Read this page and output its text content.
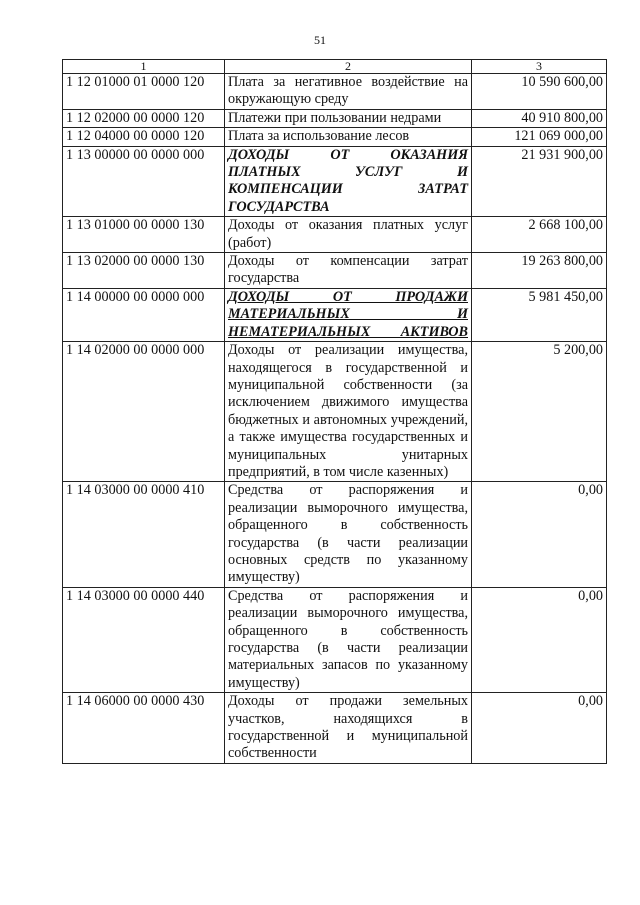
51
1	2	3
1 12 01000 01 0000 120	Плата за негативное воздействие на окружающую среду	10 590 600,00
1 12 02000 00 0000 120	Платежи при пользовании недрами	40 910 800,00
1 12 04000 00 0000 120	Плата за использование лесов	121 069 000,00
1 13 00000 00 0000 000	ДОХОДЫ ОТ ОКАЗАНИЯ ПЛАТНЫХ УСЛУГ И КОМПЕНСАЦИИ ЗАТРАТ ГОСУДАРСТВА	21 931 900,00
1 13 01000 00 0000 130	Доходы от оказания платных услуг (работ)	2 668 100,00
1 13 02000 00 0000 130	Доходы от компенсации затрат государства	19 263 800,00
1 14 00000 00 0000 000	ДОХОДЫ ОТ ПРОДАЖИ МАТЕРИАЛЬНЫХ И НЕМАТЕРИАЛЬНЫХ АКТИВОВ	5 981 450,00
1 14 02000 00 0000 000	Доходы от реализации имущества, находящегося в государственной и муниципальной собственности (за исключением движимого имущества бюджетных и автономных учреждений, а также имущества государственных и муниципальных унитарных предприятий, в том числе казенных)	5 200,00
1 14 03000 00 0000 410	Средства от распоряжения и реализации выморочного имущества, обращенного в собственность государства (в части реализации основных средств по указанному имуществу)	0,00
1 14 03000 00 0000 440	Средства от распоряжения и реализации выморочного имущества, обращенного в собственность государства (в части реализации материальных запасов по указанному имуществу)	0,00
1 14 06000 00 0000 430	Доходы от продажи земельных участков, находящихся в государственной и муниципальной собственности	0,00
